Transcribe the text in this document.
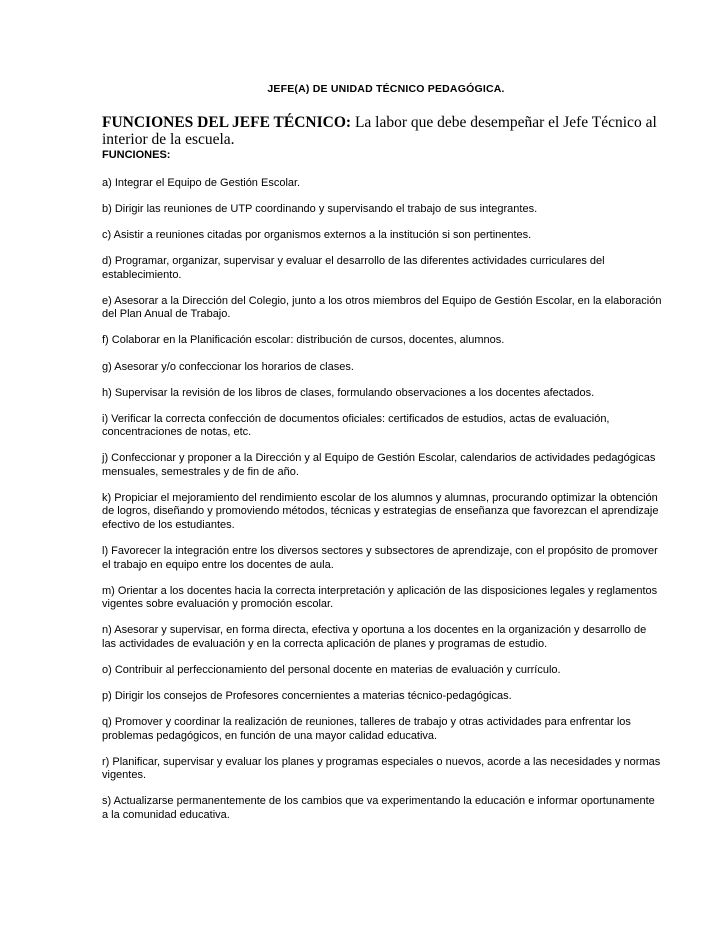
JEFE(A) DE UNIDAD TÉCNICO PEDAGÓGICA.

FUNCIONES DEL JEFE TÉCNICO: La labor que debe desempeñar el Jefe Técnico al interior de la escuela.

FUNCIONES:

a) Integrar el Equipo de Gestión Escolar.
b) Dirigir las reuniones de UTP coordinando y supervisando el trabajo de sus integrantes.
c) Asistir a reuniones citadas por organismos externos a la institución si son pertinentes.
d) Programar, organizar, supervisar y evaluar el desarrollo de las diferentes actividades curriculares del establecimiento.
e) Asesorar a la Dirección del Colegio, junto a los otros miembros del Equipo de Gestión Escolar, en la elaboración del Plan Anual de Trabajo.
f) Colaborar en la Planificación escolar: distribución de cursos, docentes, alumnos.
g) Asesorar y/o confeccionar los horarios de clases.
h) Supervisar la revisión de los libros de clases, formulando observaciones a los docentes afectados.
i) Verificar la correcta confección de documentos oficiales: certificados de estudios, actas de evaluación, concentraciones de notas, etc.
j) Confeccionar y proponer a la Dirección y al Equipo de Gestión Escolar, calendarios de actividades pedagógicas mensuales, semestrales y de fin de año.
k) Propiciar el mejoramiento del rendimiento escolar de los alumnos y alumnas, procurando optimizar la obtención de logros, diseñando y promoviendo métodos, técnicas y estrategias de enseñanza que favorezcan el aprendizaje efectivo de los estudiantes.
l) Favorecer la integración entre los diversos sectores y subsectores de aprendizaje, con el propósito de promover el trabajo en equipo entre los docentes de aula.
m) Orientar a los docentes hacia la correcta interpretación y aplicación de las disposiciones legales y reglamentos vigentes sobre evaluación y promoción escolar.
n) Asesorar y supervisar, en forma directa, efectiva y oportuna a los docentes en la organización y desarrollo de las actividades de evaluación y en la correcta aplicación de planes y programas de estudio.
o) Contribuir al perfeccionamiento del personal docente en materias de evaluación y currículo.
p) Dirigir los consejos de Profesores concernientes a materias técnico-pedagógicas.
q) Promover y coordinar la realización de reuniones, talleres de trabajo y otras actividades para enfrentar los problemas pedagógicos, en función de una mayor calidad educativa.
r) Planificar, supervisar y evaluar los planes y programas especiales o nuevos, acorde a las necesidades y normas vigentes.
s) Actualizarse permanentemente de los cambios que va experimentando la educación e informar oportunamente a la comunidad educativa.
